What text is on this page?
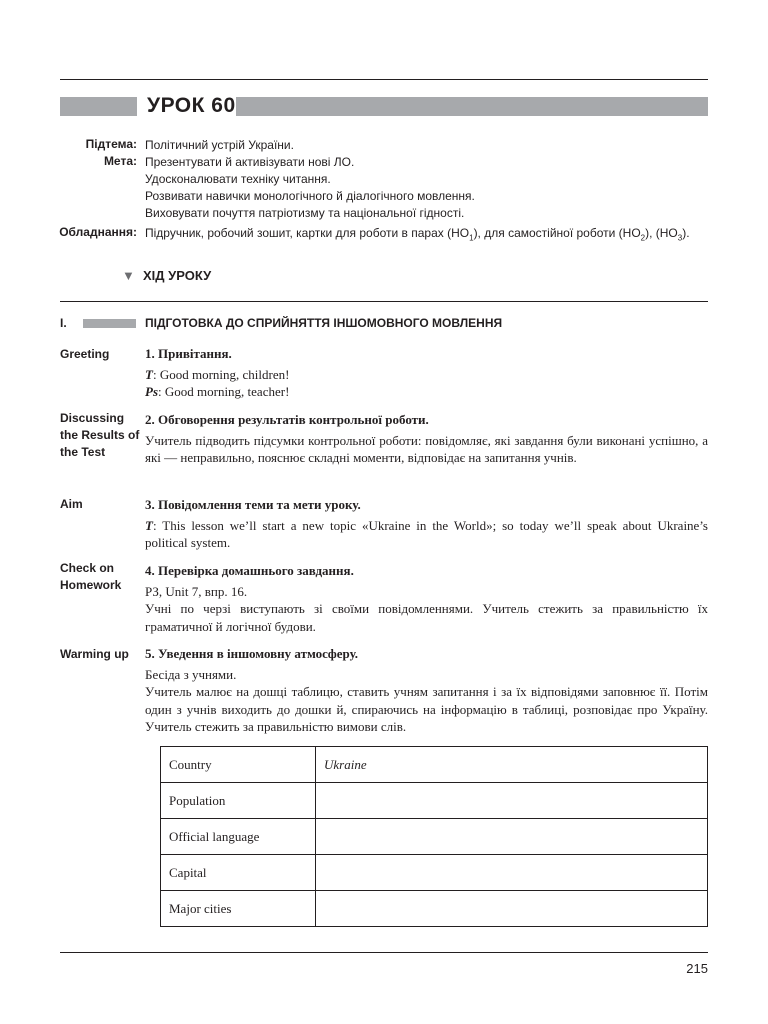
УРОК 60
Підтема: Політичний устрій України.
Мета: Презентувати й активізувати нові ЛО.
Удосконалювати техніку читання.
Розвивати навички монологічного й діалогічного мовлення.
Виховувати почуття патріотизму та національної гідності.
Обладнання: Підручник, робочий зошит, картки для роботи в парах $(НО_1)$, для самостійної роботи $(НО_2)$, $(НО_3)$.
▼ ХІД УРОКУ
I.	ПІДГОТОВКА ДО СПРИЙНЯТТЯ ІНШОМОВНОГО МОВЛЕННЯ
Greeting	1. Привітання.

T: Good morning, children!

Ps: Good morning, teacher!

Discussing the Results of the Test

2. Обговорення результатів контрольної роботи.

Учитель підводить підсумки контрольної роботи: повідомляє, які завдання були виконані успішно, а які — неправильно, пояснює складні моменти, відповідає на запитання учнів.

Aim	3. Повідомлення теми та мети уроку.

T: This lesson we’ll start a new topic «Ukraine in the World»; so today we’ll speak about Ukraine’s political system.

Check on Homework

4. Перевірка домашнього завдання.

РЗ, Unit 7, впр. 16.

Учні по черзі виступають зі своїми повідомленнями. Учитель стежить за правильністю їх граматичної й логічної будови.

Warming up	5. Уведення в іншомовну атмосферу.

Бесіда з учнями.

Учитель малює на дошці таблицю, ставить учням запитання і за їх відповідями заповнює її. Потім один з учнів виходить до дошки й, спираючись на інформацію в таблиці, розповідає про Україну. Учитель стежить за правильністю вимови слів.

Country	Ukraine
Population	
Official language	
Capital	
Major cities	
215
